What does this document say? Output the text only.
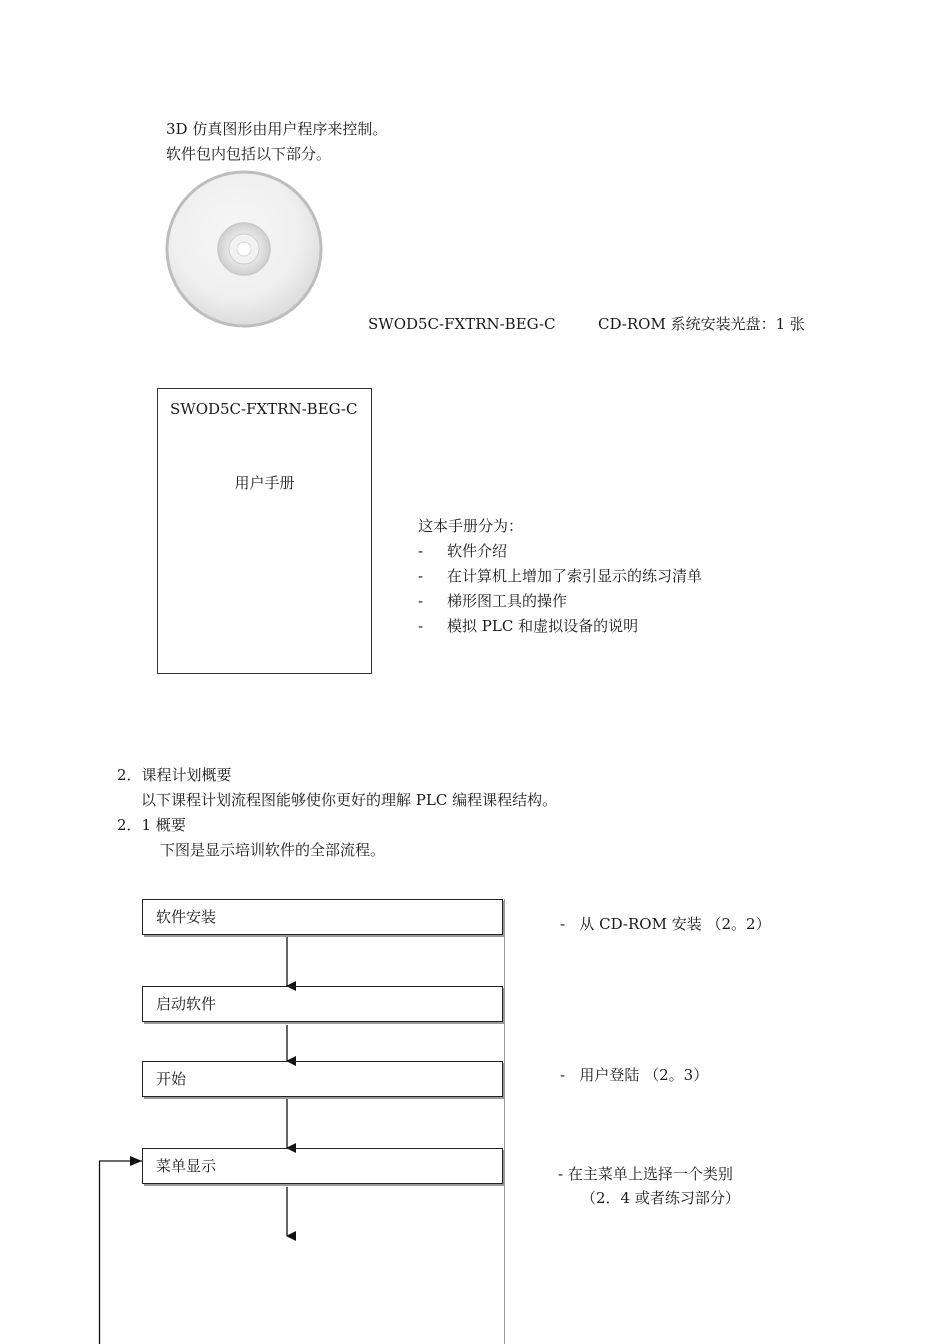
3D 仿真图形由用户程序来控制。
软件包内包括以下部分。
SWOD5C-FXTRN-BEG-C	CD-ROM 系统安装光盘：1 张
SWOD5C-FXTRN-BEG-C
用户手册
这本手册分为：
- 软件介绍
- 在计算机上增加了索引显示的练习清单
- 梯形图工具的操作
- 模拟 PLC 和虚拟设备的说明
2．课程计划概要
以下课程计划流程图能够使你更好的理解 PLC 编程课程结构。
2．1 概要
下图是显示培训软件的全部流程。
软件安装
启动软件
开始
菜单显示
-   从 CD-ROM 安装 （2。2）
-   用户登陆 （2。3）
- 在主菜单上选择一个类别
（2．4 或者练习部分）
